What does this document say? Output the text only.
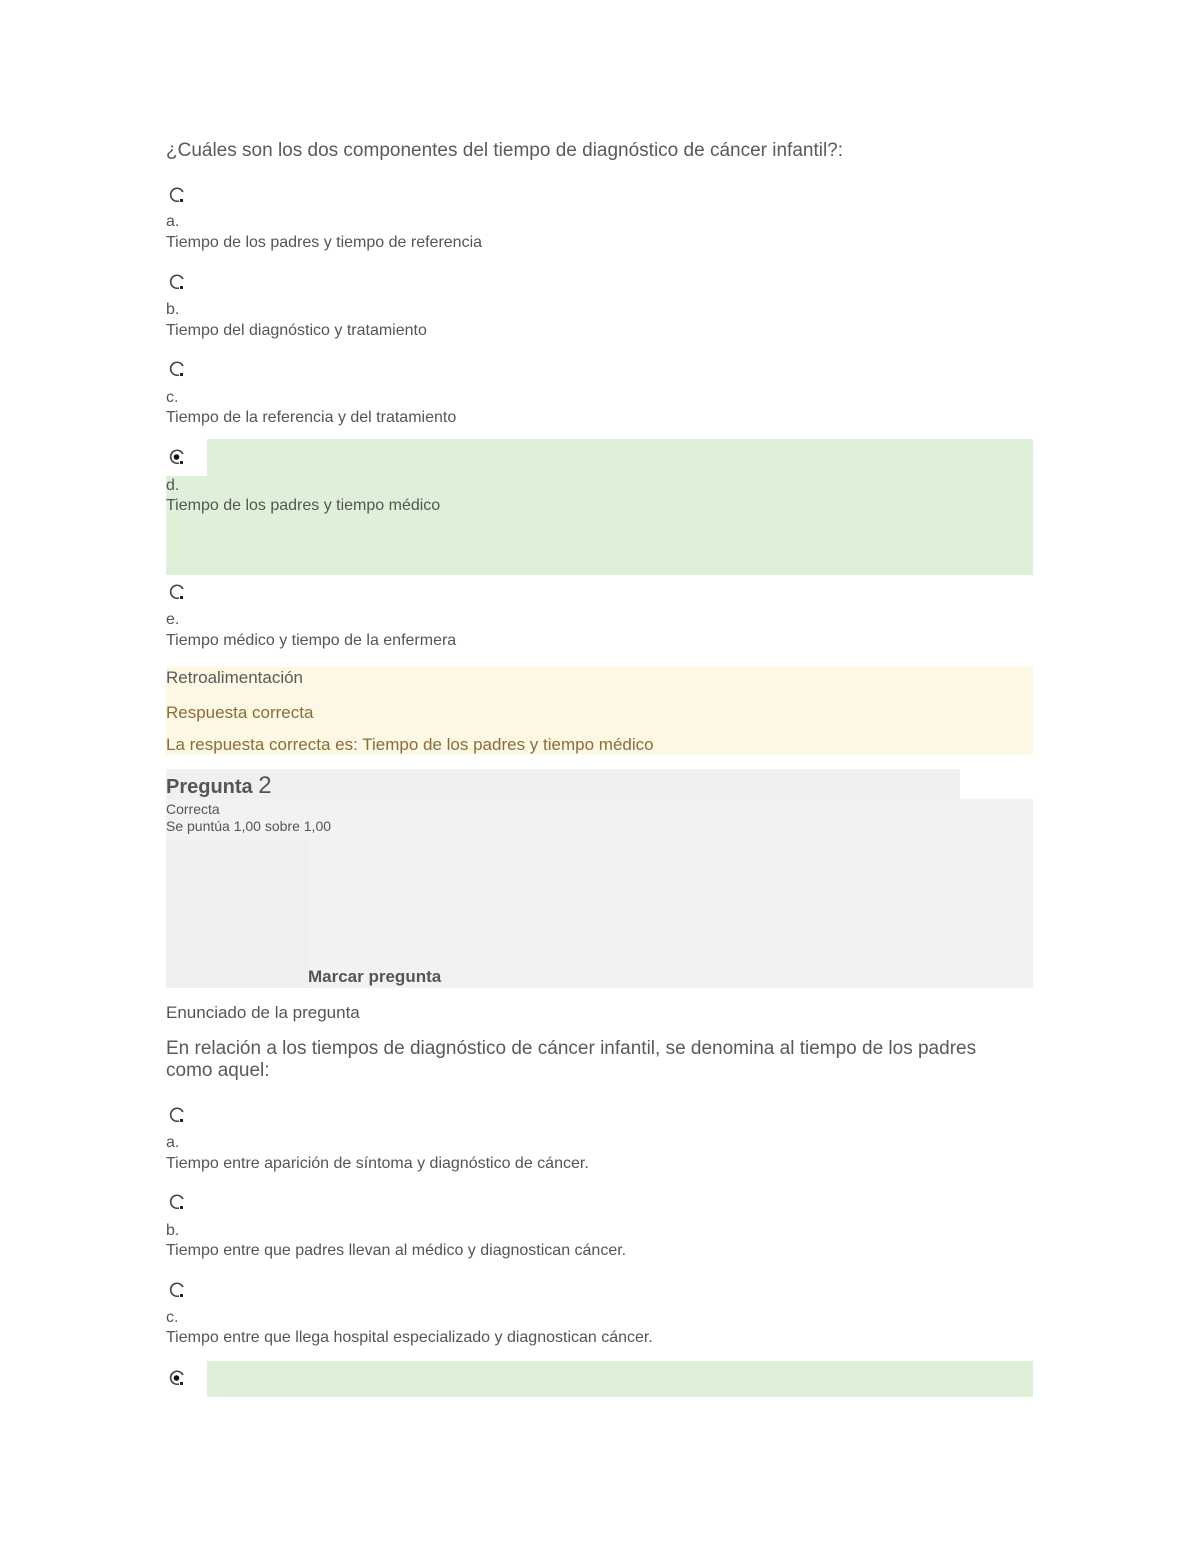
¿Cuáles son los dos componentes del tiempo de diagnóstico de cáncer infantil?:
a.
Tiempo de los padres y tiempo de referencia
b.
Tiempo del diagnóstico y tratamiento
c.
Tiempo de la referencia y del tratamiento
d.
Tiempo de los padres y tiempo médico
e.
Tiempo médico y tiempo de la enfermera
Retroalimentación
Respuesta correcta
La respuesta correcta es: Tiempo de los padres y tiempo médico
Pregunta 2
Correcta
Se puntúa 1,00 sobre 1,00
Marcar pregunta
Enunciado de la pregunta
En relación a los tiempos de diagnóstico de cáncer infantil, se denomina al tiempo de los padres como aquel:
a.
Tiempo entre aparición de síntoma y diagnóstico de cáncer.
b.
Tiempo entre que padres llevan al médico y diagnostican cáncer.
c.
Tiempo entre que llega hospital especializado y diagnostican cáncer.
